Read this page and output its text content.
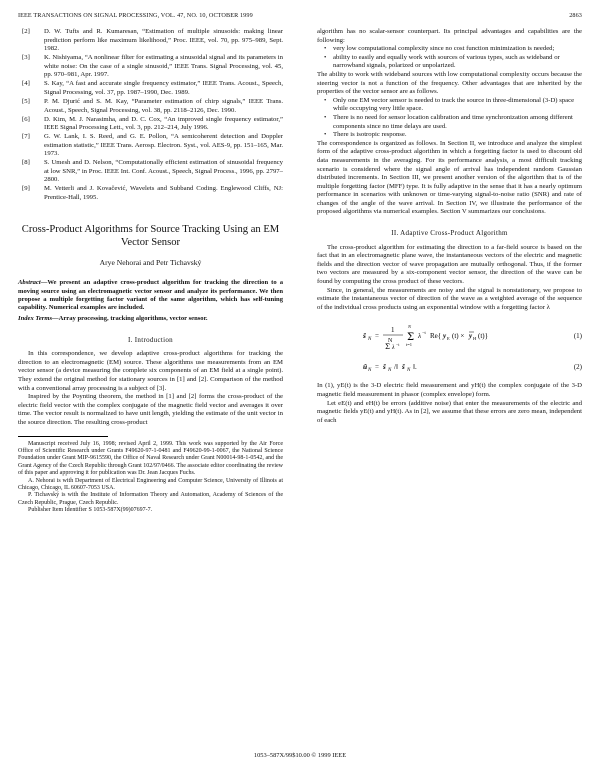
IEEE TRANSACTIONS ON SIGNAL PROCESSING, VOL. 47, NO. 10, OCTOBER 1999	2863
[2] D. W. Tufts and R. Kumaresan, “Estimation of multiple sinusoids: making linear prediction perform like maximum likelihood,” Proc. IEEE, vol. 70, pp. 975–989, Sept. 1982.
[3] K. Nishiyama, “A nonlinear filter for estimating a sinusoidal signal and its parameters in white noise: On the case of a single sinusoid,” IEEE Trans. Signal Processing, vol. 45, pp. 970–981, Apr. 1997.
[4] S. Kay, “A fast and accurate single frequency estimator,” IEEE Trans. Acoust., Speech, Signal Processing, vol. 37, pp. 1987–1990, Dec. 1989.
[5] P. M. Djurić and S. M. Kay, “Parameter estimation of chirp signals,” IEEE Trans. Acoust., Speech, Signal Processing, vol. 38, pp. 2118–2126, Dec. 1990.
[6] D. Kim, M. J. Narasimha, and D. C. Cox, “An improved single frequency estimator,” IEEE Signal Processing Lett., vol. 3, pp. 212–214, July 1996.
[7] G. W. Lank, I. S. Reed, and G. E. Pollon, “A semicoherent detection and Doppler estimation statistic,” IEEE Trans. Aerosp. Electron. Syst., vol. AES-9, pp. 151–165, Mar. 1973.
[8] S. Umesh and D. Nelson, “Computationally efficient estimation of sinusoidal frequency at low SNR,” in Proc. IEEE Int. Conf. Acoust., Speech, Signal Process., 1996, pp. 2797–2800.
[9] M. Vetterli and J. Kovačević, Wavelets and Subband Coding. Englewood Cliffs, NJ: Prentice-Hall, 1995.
Cross-Product Algorithms for Source Tracking Using an EM Vector Sensor
Arye Nehorai and Petr Tichavský
Abstract—We present an adaptive cross-product algorithm for tracking the direction to a moving source using an electromagnetic vector sensor and analyze its performance. We then propose a multiple forgetting factor variant of the same algorithm, which has self-tuning capability. Numerical examples are included.
Index Terms—Array processing, tracking algorithms, vector sensor.
I. Introduction

In this correspondence, we develop adaptive cross-product algorithms for tracking the direction to an electromagnetic (EM) source. These algorithms use measurements from an EM vector sensor (a device measuring the complete six components of an EM field at a single point). They extend the original method for stationary sources in [1] and [2]. Comparison of the method with a conventional array processing is a subject of [3].

Inspired by the Poynting theorem, the method in [1] and [2] forms the cross-product of the electric field vector with the complex conjugate of the magnetic field vector and averages it over time. The vector result is normalized to have unit length, yielding the estimate of the unit vector in the source direction. The resulting cross-product

Manuscript received July 16, 1998; revised April 2, 1999. This work was supported by the Air Force Office of Scientific Research under Grants F49620-97-1-0481 and F49620-99-1-0067, the National Science Foundation under Grant MIP-9615590, the Office of Naval Research under Grant N00014-98-1-0542, and the Grant Agency of the Czech Republic through Grant 102/97/0466. The associate editor coordinating the review of this paper and approving it for publication was Dr. Jean Jacques Fuchs.

A. Nehorai is with Department of Electrical Engineering and Computer Science, University of Illinois at Chicago, Chicago, IL 60607-7053 USA.

P. Tichavský is with the Institute of Information Theory and Automation, Academy of Sciences of the Czech Republic, Prague, Czech Republic.

Publisher Item Identifier S 1053-587X(99)07697-7.

algorithm has no scalar-sensor counterpart. Its principal advantages and capabilities are the following:

• very low computational complexity since no cost function minimization is needed;
• ability to easily and equally work with sources of various types, such as wideband or narrowband signals, polarized or unpolarized.

The ability to work with wideband sources with low computational complexity occurs because the steering vector is not a function of the frequency. Other advantages that are inherited by the properties of the vector sensor are as follows.

• Only one EM vector sensor is needed to track the source in three-dimensional (3-D) space while occupying very little space.
• There is no need for sensor location calibration and time synchronization among different components since no time delays are used.
• There is isotropic response.

The correspondence is organized as follows. In Section II, we introduce and analyze the simplest form of the adaptive cross-product algorithm in which a forgetting factor is used to discount old data measurements in the averaging. For its performance analysis, a most difficult tracking scenario is considered where the signal angle of arrival has independent random Gaussian distributed increments. In Section III, we present another version of the algorithm that is of the multiple forgetting factor (MFF) type. It is fully adaptive in the sense that it has a nearly optimum performance in scenarios with unknown or time-varying signal-to-noise ratio (SNR) and rate of changes of the angle of the wave arrival. In Section IV, we illustrate the performance of the proposed algorithms via numerical examples. Section V summarizes our conclusions.

II. Adaptive Cross-Product Algorithm

The cross-product algorithm for estimating the direction to a far-field source is based on the fact that in an electromagnetic plane wave, the instantaneous vectors of the electric and magnetic fields and the direction vector of wave propagation are mutually orthogonal. Thus, if the former two vectors are measured by a six-component vector sensor, the direction of the wave can be found by computing the cross product of these vectors.

Since, in general, the measurements are noisy and the signal is nonstationary, we propose to estimate the instantaneous vector of direction of the wave as a weighted average of the sequence of the individual cross products using an exponential window with a forgetting factor λ

ŝ N =
1
N
Σ λ
−t
Σ
N
t=1
λ −t Re{ y E (t) × y H (t)}	(1)
û N = ŝ N /‖ ŝ N ‖.	(2)

In (1), yE(t) is the 3-D electric field measurement and yH(t) the complex conjugate of the 3-D magnetic field measurement in phasor (complex envelope) form.

Let eE(t) and eH(t) be errors (additive noise) that enter the measurements of the electric and magnetic fields yE(t) and yH(t). As in [2], we assume that these errors are zero mean, independent of each

1053–587X/99$10.00 © 1999 IEEE
